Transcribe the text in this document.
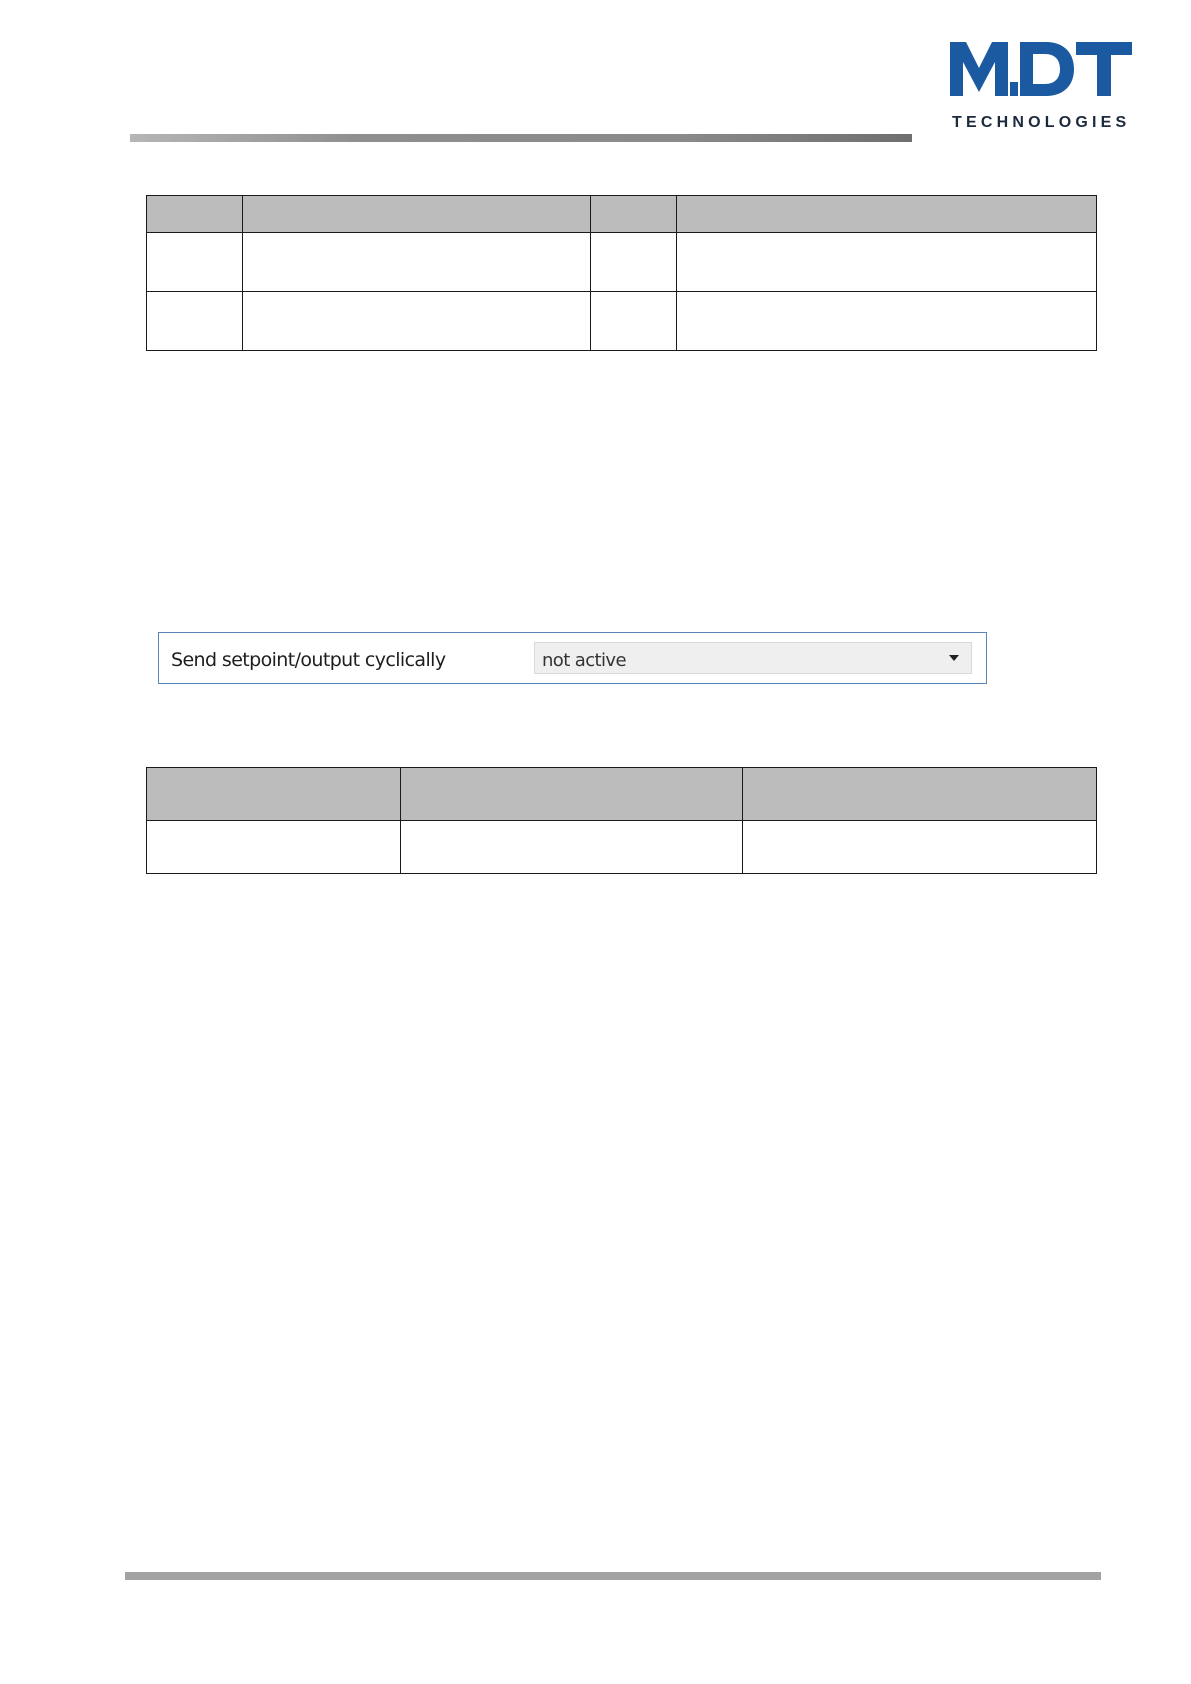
TECHNOLOGIES

Send setpoint/output cyclically	not active
